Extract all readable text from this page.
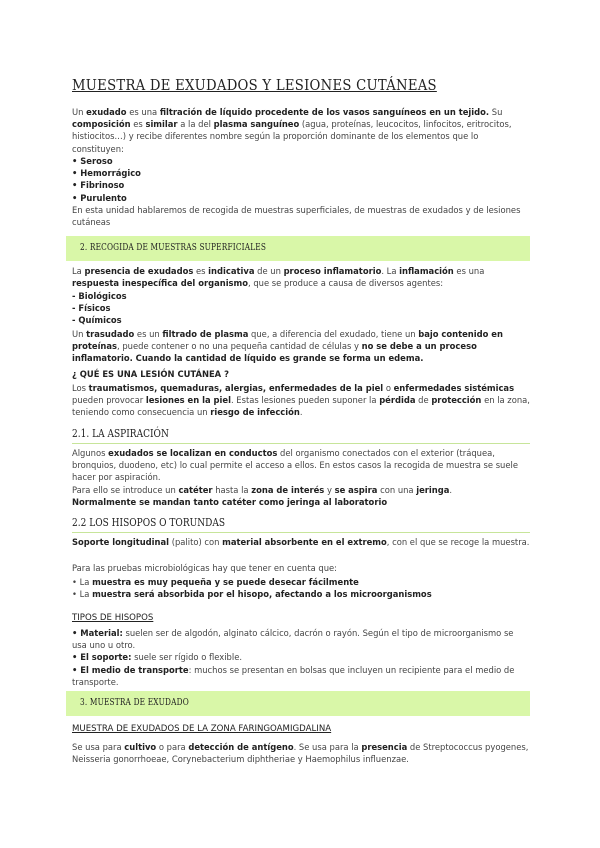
MUESTRA DE EXUDADOS Y LESIONES CUTÁNEAS
Un exudado es una filtración de líquido procedente de los vasos sanguíneos en un tejido. Su composición es similar a la del plasma sanguíneo (agua, proteínas, leucocitos, linfocitos, eritrocitos, histiocitos…) y recibe diferentes nombre según la proporción dominante de los elementos que lo constituyen:
• Seroso
• Hemorrágico
• Fibrinoso
• Purulento
En esta unidad hablaremos de recogida de muestras superficiales, de muestras de exudados y de lesiones cutáneas
2. RECOGIDA DE MUESTRAS SUPERFICIALES
La presencia de exudados es indicativa de un proceso inflamatorio. La inflamación es una respuesta inespecífica del organismo, que se produce a causa de diversos agentes:
- Biológicos
- Físicos
- Químicos
Un trasudado es un filtrado de plasma que, a diferencia del exudado, tiene un bajo contenido en proteínas, puede contener o no una pequeña cantidad de células y no se debe a un proceso inflamatorio. Cuando la cantidad de líquido es grande se forma un edema.
¿ QUÉ ES UNA LESIÓN CUTÁNEA ?
Los traumatismos, quemaduras, alergias, enfermedades de la piel o enfermedades sistémicas pueden provocar lesiones en la piel. Estas lesiones pueden suponer la pérdida de protección en la zona, teniendo como consecuencia un riesgo de infección.
2.1. LA ASPIRACIÓN
Algunos exudados se localizan en conductos del organismo conectados con el exterior (tráquea, bronquios, duodeno, etc) lo cual permite el acceso a ellos. En estos casos la recogida de muestra se suele hacer por aspiración.
Para ello se introduce un catéter hasta la zona de interés y se aspira con una jeringa.
Normalmente se mandan tanto catéter como jeringa al laboratorio
2.2 LOS HISOPOS O TORUNDAS
Soporte longitudinal (palito) con material absorbente en el extremo, con el que se recoge la muestra.
Para las pruebas microbiológicas hay que tener en cuenta que:
• La muestra es muy pequeña y se puede desecar fácilmente
• La muestra será absorbida por el hisopo, afectando a los microorganismos
TIPOS DE HISOPOS
• Material: suelen ser de algodón, alginato cálcico, dacrón o rayón. Según el tipo de microorganismo se usa uno u otro.
• El soporte: suele ser rígido o flexible.
• El medio de transporte: muchos se presentan en bolsas que incluyen un recipiente para el medio de transporte.
3. MUESTRA DE EXUDADO
MUESTRA DE EXUDADOS DE LA ZONA FARINGOAMIGDALINA
Se usa para cultivo o para detección de antígeno. Se usa para la presencia de Streptococcus pyogenes, Neisseria gonorrhoeae, Corynebacterium diphtheriae y Haemophilus influenzae.
